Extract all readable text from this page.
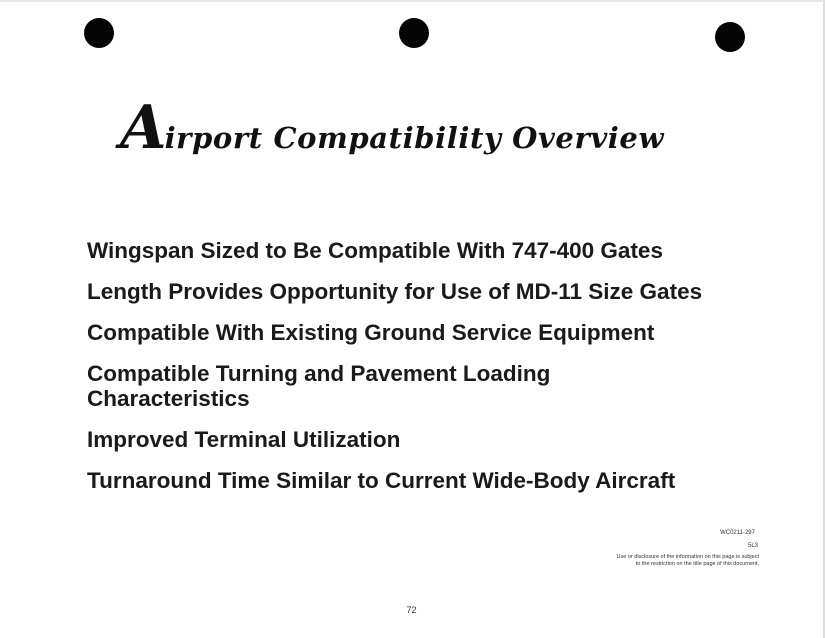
Airport Compatibility Overview
Wingspan Sized to Be Compatible With 747-400 Gates
Length Provides Opportunity for Use of MD-11 Size Gates
Compatible With Existing Ground Service Equipment
Compatible Turning and Pavement Loading Characteristics
Improved Terminal Utilization
Turnaround Time Similar to Current Wide-Body Aircraft
WC0211-297
5L3
Use or disclosure of the information on this page is subject
to the restriction on the title page of this document.
72
